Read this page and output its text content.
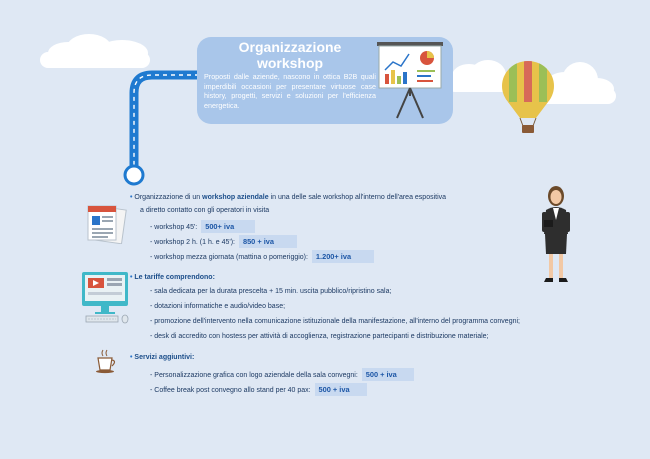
Organizzazione workshop
Proposti dalle aziende, nascono in ottica B2B quali imperdibili occasioni per presentare virtuose case history, progetti, servizi e soluzioni per l'efficienza energetica.
• Organizzazione di un workshop aziendale in una delle sale workshop all'interno dell'area espositiva
a diretto contatto con gli operatori in visita
- workshop 45': 500+ iva
- workshop 2 h. (1 h. e 45'): 850 + iva
- workshop mezza giornata (mattina o pomeriggio): 1.200+ iva
• Le tariffe comprendono:
- sala dedicata per la durata prescelta + 15 min. uscita pubblico/ripristino sala;
- dotazioni informatiche e audio/video base;
- promozione dell'intervento nella comunicazione istituzionale della manifestazione, all'interno del programma convegni;
- desk di accredito con hostess per attività di accoglienza, registrazione partecipanti e distribuzione materiale;
• Servizi aggiuntivi:
- Personalizzazione grafica con logo aziendale della sala convegni: 500 + iva
- Coffee break post convegno allo stand per 40 pax: 500 + iva
